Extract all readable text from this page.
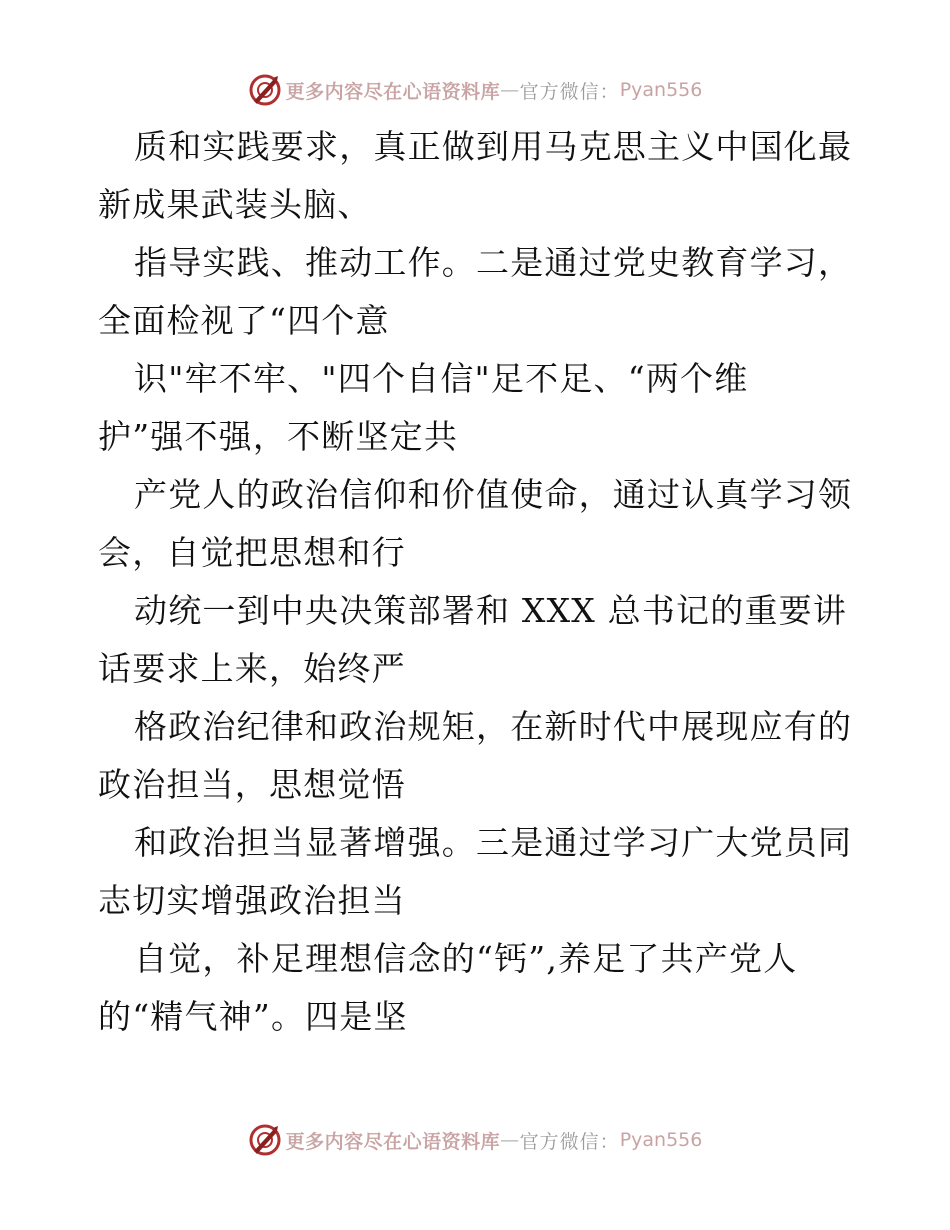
更多内容尽在心语资料库 — 官方微信： Pyan556
质和实践要求，真正做到用马克思主义中国化最
新成果武装头脑、
指导实践、推动工作。二是通过党史教育学习，
全面检视了“四个意
识"牢不牢、"四个自信"足不足、“两个维
护”强不强，不断坚定共
产党人的政治信仰和价值使命，通过认真学习领
会，自觉把思想和行
动统一到中央决策部署和 XXX 总书记的重要讲
话要求上来，始终严
格政治纪律和政治规矩，在新时代中展现应有的
政治担当，思想觉悟
和政治担当显著增强。三是通过学习广大党员同
志切实增强政治担当
自觉，补足理想信念的“钙”,养足了共产党人
的“精气神”。四是坚
更多内容尽在心语资料库 — 官方微信： Pyan556
